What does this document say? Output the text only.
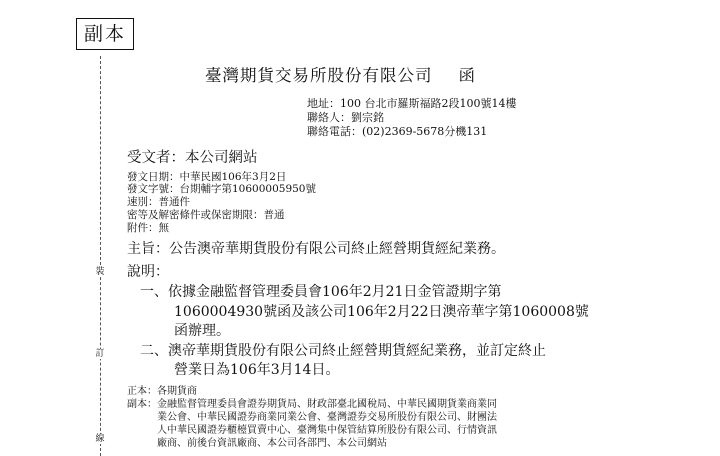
副本
裝
訂
線
臺灣期貨交易所股份有限公司 函
地址：100 台北市羅斯福路2段100號14樓
聯絡人：劉宗銘
聯絡電話：(02)2369-5678分機131
受文者：本公司網站
發文日期：中華民國106年3月2日
發文字號：台期輔字第10600005950號
速別：普通件
密等及解密條件或保密期限：普通
附件：無
主旨：公告澳帝華期貨股份有限公司終止經營期貨經紀業務。
說明：
一、依據金融監督管理委員會106年2月21日金管證期字第
1060004930號函及該公司106年2月22日澳帝華字第1060008號
函辦理。
二、澳帝華期貨股份有限公司終止經營期貨經紀業務，並訂定終止
營業日為106年3月14日。
正本：各期貨商
副本：金融監督管理委員會證券期貨局、財政部臺北國稅局、中華民國期貨業商業同
業公會、中華民國證券商業同業公會、臺灣證券交易所股份有限公司、財團法
人中華民國證券櫃檯買賣中心、臺灣集中保管結算所股份有限公司、行情資訊
廠商、前後台資訊廠商、本公司各部門、本公司網站
